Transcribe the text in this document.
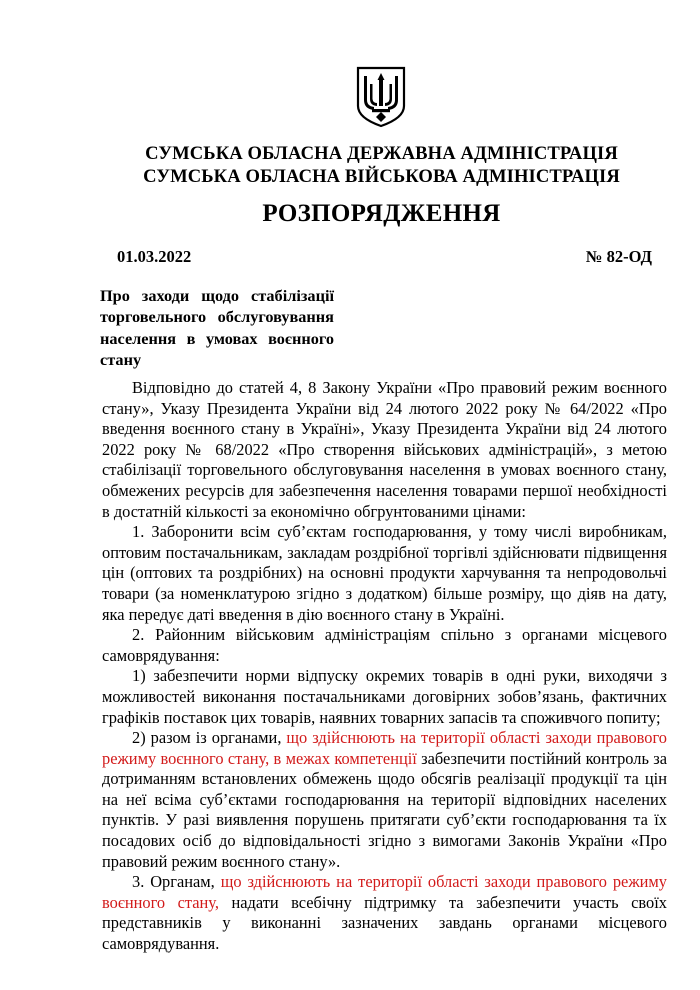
СУМСЬКА ОБЛАСНА ДЕРЖАВНА АДМІНІСТРАЦІЯ
СУМСЬКА ОБЛАСНА ВІЙСЬКОВА АДМІНІСТРАЦІЯ
РОЗПОРЯДЖЕННЯ
01.03.2022	№ 82-ОД
Про заходи щодо стабілізації торговельного обслуговування населення в умовах воєнного стану

Відповідно до статей 4, 8 Закону України «Про правовий режим воєнного стану», Указу Президента України від 24 лютого 2022 року № 64/2022 «Про введення воєнного стану в Україні», Указу Президента України від 24 лютого 2022 року № 68/2022 «Про створення військових адміністрацій», з метою стабілізації торговельного обслуговування населення в умовах воєнного стану, обмежених ресурсів для забезпечення населення товарами першої необхідності в достатній кількості за економічно обгрунтованими цінами:

1. Заборонити всім суб’єктам господарювання, у тому числі виробникам, оптовим постачальникам, закладам роздрібної торгівлі здійснювати підвищення цін (оптових та роздрібних) на основні продукти харчування та непродовольчі товари (за номенклатурою згідно з додатком) більше розміру, що діяв на дату, яка передує даті введення в дію воєнного стану в Україні.

2. Районним військовим адміністраціям спільно з органами місцевого самоврядування:

1) забезпечити норми відпуску окремих товарів в одні руки, виходячи з можливостей виконання постачальниками договірних зобов’язань, фактичних графіків поставок цих товарів, наявних товарних запасів та споживчого попиту;

2) разом із органами, що здійснюють на території області заходи правового режиму воєнного стану, в межах компетенції забезпечити постійний контроль за дотриманням встановлених обмежень щодо обсягів реалізації продукції та цін на неї всіма суб’єктами господарювання на території відповідних населених пунктів. У разі виявлення порушень притягати суб’єкти господарювання та їх посадових осіб до відповідальності згідно з вимогами Законів України «Про правовий режим воєнного стану».

3. Органам, що здійснюють на території області заходи правового режиму воєнного стану, надати всебічну підтримку та забезпечити участь своїх представників у виконанні зазначених завдань органами місцевого самоврядування.
